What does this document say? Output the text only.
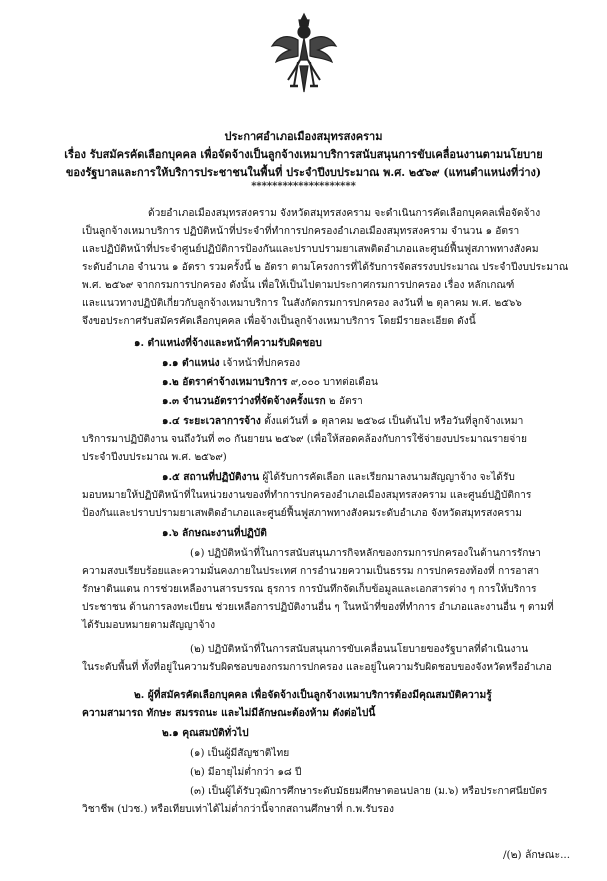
ประกาศอำเภอเมืองสมุทรสงคราม
เรื่อง รับสมัครคัดเลือกบุคคล เพื่อจัดจ้างเป็นลูกจ้างเหมาบริการสนับสนุนการขับเคลื่อนงานตามนโยบาย
ของรัฐบาลและการให้บริการประชาชนในพื้นที่ ประจำปีงบประมาณ พ.ศ. ๒๕๖๙ (แทนตำแหน่งที่ว่าง)
********************
ด้วยอำเภอเมืองสมุทรสงคราม จังหวัดสมุทรสงคราม จะดำเนินการคัดเลือกบุคคลเพื่อจัดจ้าง
เป็นลูกจ้างเหมาบริการ ปฏิบัติหน้าที่ประจำที่ทำการปกครองอำเภอเมืองสมุทรสงคราม จำนวน ๑ อัตรา
และปฏิบัติหน้าที่ประจำศูนย์ปฏิบัติการป้องกันและปราบปรามยาเสพติดอำเภอและศูนย์ฟื้นฟูสภาพทางสังคม
ระดับอำเภอ จำนวน ๑ อัตรา รวมครั้งนี้ ๒ อัตรา ตามโครงการที่ได้รับการจัดสรรงบประมาณ ประจำปีงบประมาณ
พ.ศ. ๒๕๖๙ จากกรมการปกครอง ดังนั้น เพื่อให้เป็นไปตามประกาศกรมการปกครอง เรื่อง หลักเกณฑ์
และแนวทางปฏิบัติเกี่ยวกับลูกจ้างเหมาบริการ ในสังกัดกรมการปกครอง ลงวันที่ ๒ ตุลาคม พ.ศ. ๒๕๖๖
จึงขอประกาศรับสมัครคัดเลือกบุคคล เพื่อจ้างเป็นลูกจ้างเหมาบริการ โดยมีรายละเอียด ดังนี้
๑. ตำแหน่งที่จ้างและหน้าที่ความรับผิดชอบ
๑.๑ ตำแหน่ง เจ้าหน้าที่ปกครอง
๑.๒ อัตราค่าจ้างเหมาบริการ ๙,๐๐๐ บาทต่อเดือน
๑.๓ จำนวนอัตราว่างที่จัดจ้างครั้งแรก ๒ อัตรา
๑.๔ ระยะเวลาการจ้าง ตั้งแต่วันที่ ๑ ตุลาคม ๒๕๖๘ เป็นต้นไป หรือวันที่ลูกจ้างเหมา
บริการมาปฏิบัติงาน จนถึงวันที่ ๓๐ กันยายน ๒๕๖๙ (เพื่อให้สอดคล้องกับการใช้จ่ายงบประมาณรายจ่าย
ประจำปีงบประมาณ พ.ศ. ๒๕๖๙)
๑.๕ สถานที่ปฏิบัติงาน ผู้ได้รับการคัดเลือก และเรียกมาลงนามสัญญาจ้าง จะได้รับ
มอบหมายให้ปฏิบัติหน้าที่ในหน่วยงานของที่ทำการปกครองอำเภอเมืองสมุทรสงคราม และศูนย์ปฏิบัติการ
ป้องกันและปราบปรามยาเสพติดอำเภอและศูนย์ฟื้นฟูสภาพทางสังคมระดับอำเภอ จังหวัดสมุทรสงคราม
๑.๖ ลักษณะงานที่ปฏิบัติ
(๑) ปฏิบัติหน้าที่ในการสนับสนุนภารกิจหลักของกรมการปกครองในด้านการรักษา
ความสงบเรียบร้อยและความมั่นคงภายในประเทศ การอำนวยความเป็นธรรม การปกครองท้องที่ การอาสา
รักษาดินแดน การช่วยเหลืองานสารบรรณ ธุรการ การบันทึกจัดเก็บข้อมูลและเอกสารต่าง ๆ การให้บริการ
ประชาชน ด้านการลงทะเบียน ช่วยเหลือการปฏิบัติงานอื่น ๆ ในหน้าที่ของที่ทำการ อำเภอและงานอื่น ๆ ตามที่
ได้รับมอบหมายตามสัญญาจ้าง
(๒) ปฏิบัติหน้าที่ในการสนับสนุนการขับเคลื่อนนโยบายของรัฐบาลที่ดำเนินงาน
ในระดับพื้นที่ ทั้งที่อยู่ในความรับผิดชอบของกรมการปกครอง และอยู่ในความรับผิดชอบของจังหวัดหรืออำเภอ
๒. ผู้ที่สมัครคัดเลือกบุคคล เพื่อจัดจ้างเป็นลูกจ้างเหมาบริการต้องมีคุณสมบัติความรู้
ความสามารถ ทักษะ สมรรถนะ และไม่มีลักษณะต้องห้าม ดังต่อไปนี้
๒.๑ คุณสมบัติทั่วไป
(๑) เป็นผู้มีสัญชาติไทย
(๒) มีอายุไม่ต่ำกว่า ๑๘ ปี
(๓) เป็นผู้ได้รับวุฒิการศึกษาระดับมัธยมศึกษาตอนปลาย (ม.๖) หรือประกาศนียบัตร
วิชาชีพ (ปวช.) หรือเทียบเท่าได้ไม่ต่ำกว่านี้จากสถานศึกษาที่ ก.พ.รับรอง
/(๒) ลักษณะ...
